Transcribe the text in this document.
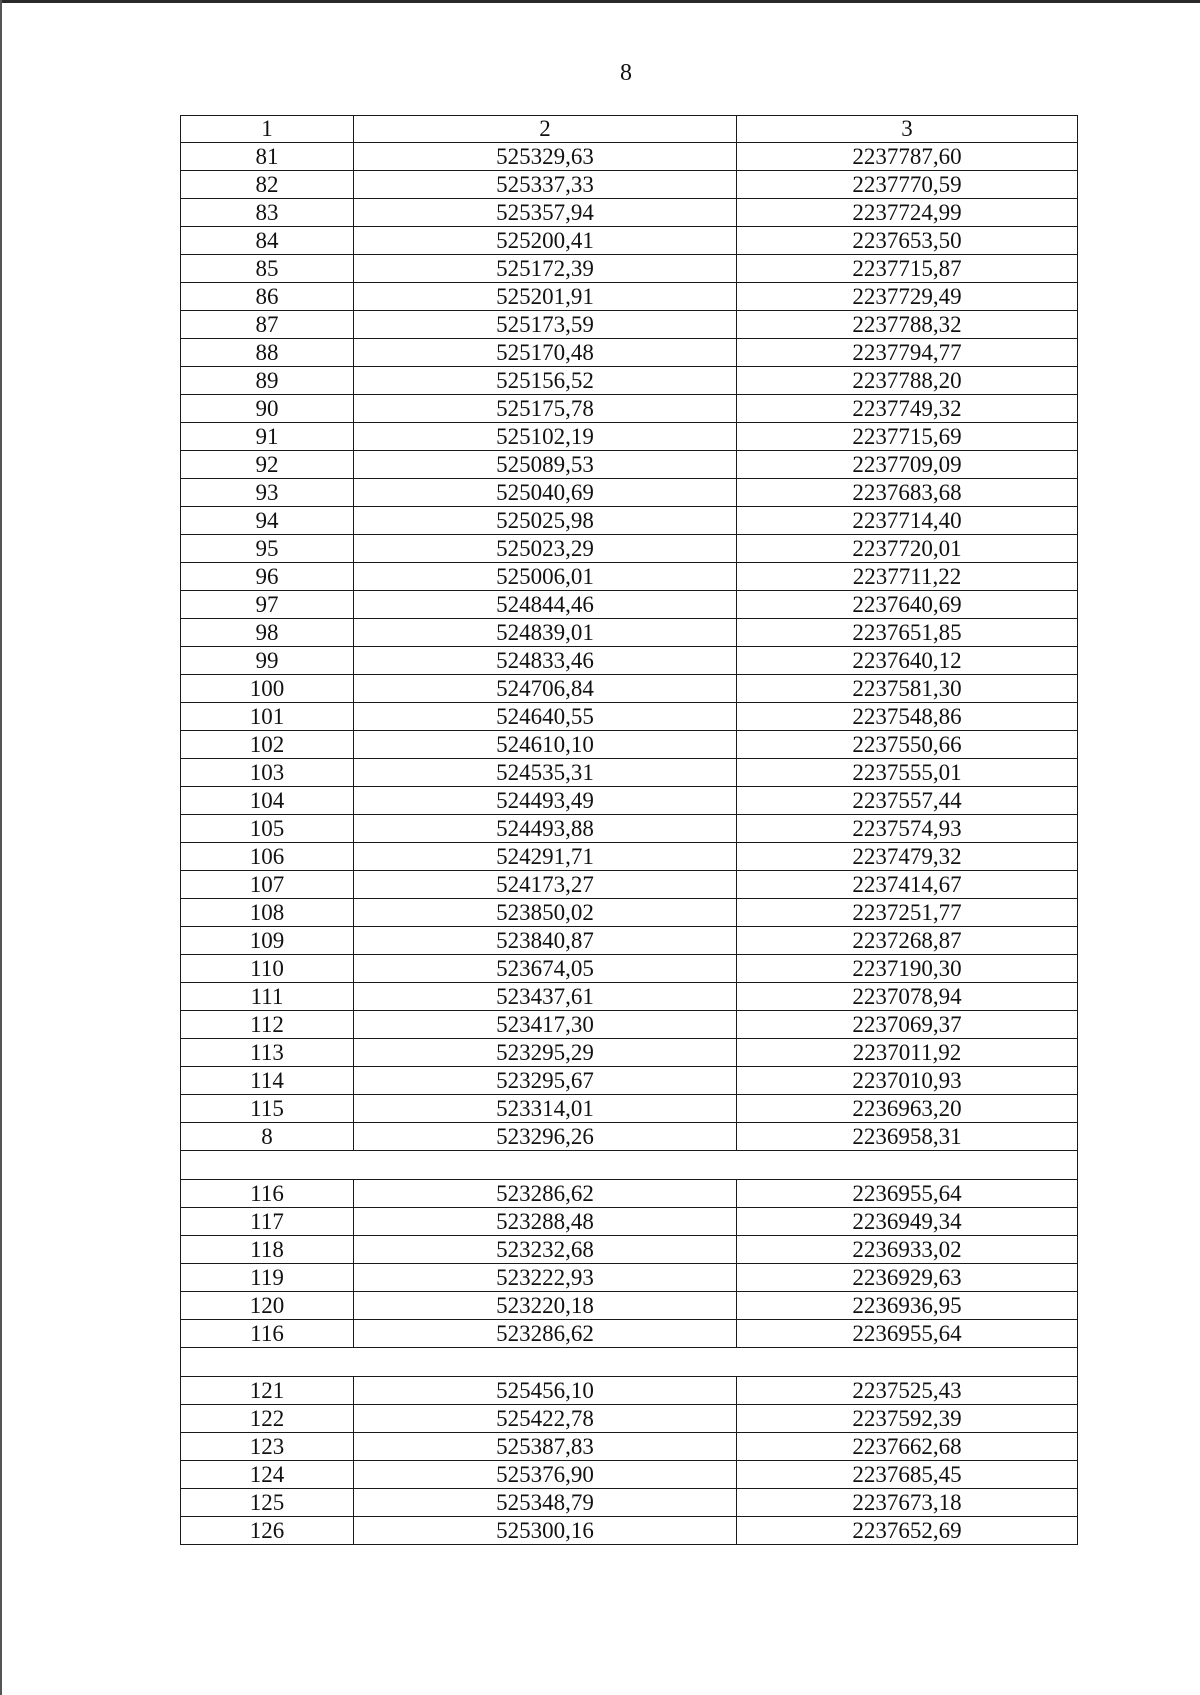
8
1	2	3
81	525329,63	2237787,60
82	525337,33	2237770,59
83	525357,94	2237724,99
84	525200,41	2237653,50
85	525172,39	2237715,87
86	525201,91	2237729,49
87	525173,59	2237788,32
88	525170,48	2237794,77
89	525156,52	2237788,20
90	525175,78	2237749,32
91	525102,19	2237715,69
92	525089,53	2237709,09
93	525040,69	2237683,68
94	525025,98	2237714,40
95	525023,29	2237720,01
96	525006,01	2237711,22
97	524844,46	2237640,69
98	524839,01	2237651,85
99	524833,46	2237640,12
100	524706,84	2237581,30
101	524640,55	2237548,86
102	524610,10	2237550,66
103	524535,31	2237555,01
104	524493,49	2237557,44
105	524493,88	2237574,93
106	524291,71	2237479,32
107	524173,27	2237414,67
108	523850,02	2237251,77
109	523840,87	2237268,87
110	523674,05	2237190,30
111	523437,61	2237078,94
112	523417,30	2237069,37
113	523295,29	2237011,92
114	523295,67	2237010,93
115	523314,01	2236963,20
8	523296,26	2236958,31

116	523286,62	2236955,64
117	523288,48	2236949,34
118	523232,68	2236933,02
119	523222,93	2236929,63
120	523220,18	2236936,95
116	523286,62	2236955,64

121	525456,10	2237525,43
122	525422,78	2237592,39
123	525387,83	2237662,68
124	525376,90	2237685,45
125	525348,79	2237673,18
126	525300,16	2237652,69
